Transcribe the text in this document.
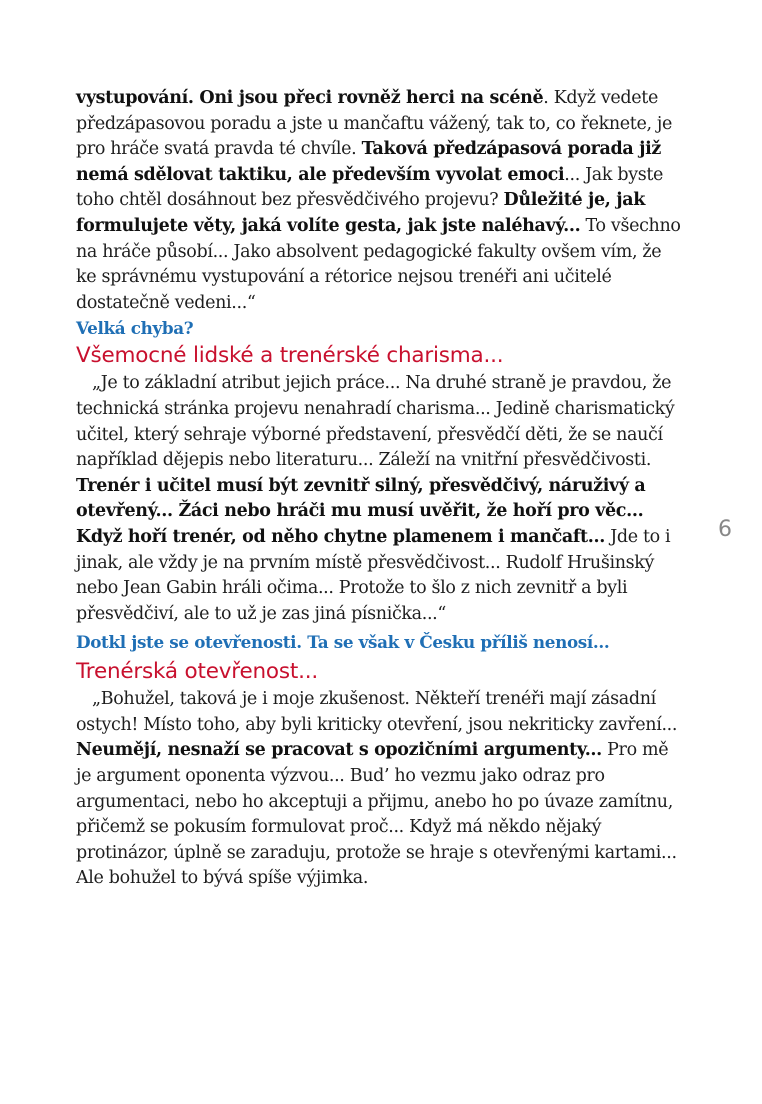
vystupování. Oni jsou přeci rovněž herci na scéně. Když vedete předzápasovou poradu a jste u mančaftu vážený, tak to, co řeknete, je pro hráče svatá pravda té chvíle. Taková předzápasová porada již nemá sdělovat taktiku, ale především vyvolat emoci... Jak byste toho chtěl dosáhnout bez přesvědčivého projevu? Důležité je, jak formulujete věty, jaká volíte gesta, jak jste naléhavý... To všechno na hráče působí... Jako absolvent pedagogické fakulty ovšem vím, že ke správnému vystupování a rétorice nejsou trenéři ani učitelé dostatečně vedeni...“

Velká chyba?

Všemocné lidské a trenérské charisma...

„Je to základní atribut jejich práce... Na druhé straně je pravdou, že technická stránka projevu nenahradí charisma... Jedině charismatický učitel, který sehraje výborné představení, přesvědčí děti, že se naučí například dějepis nebo literaturu... Záleží na vnitřní přesvědčivosti. Trenér i učitel musí být zevnitř silný, přesvědčivý, náruživý a otevřený... Žáci nebo hráči mu musí uvěřit, že hoří pro věc... Když hoří trenér, od něho chytne plamenem i mančaft... Jde to i jinak, ale vždy je na prvním místě přesvědčivost... Rudolf Hrušinský nebo Jean Gabin hráli očima... Protože to šlo z nich zevnitř a byli přesvědčiví, ale to už je zas jiná písnička...“

Dotkl jste se otevřenosti. Ta se však v Česku příliš nenosí...

Trenérská otevřenost...

„Bohužel, taková je i moje zkušenost. Někteří trenéři mají zásadní ostych! Místo toho, aby byli kriticky otevření, jsou nekriticky zavření... Neumějí, nesnaží se pracovat s opozičními argumenty... Pro mě je argument oponenta výzvou... Bud’ ho vezmu jako odraz pro argumentaci, nebo ho akceptuji a přijmu, anebo ho po úvaze zamítnu, přičemž se pokusím formulovat proč... Když má někdo nějaký protinázor, úplně se zaraduju, protože se hraje s otevřenými kartami... Ale bohužel to bývá spíše výjimka.

6
